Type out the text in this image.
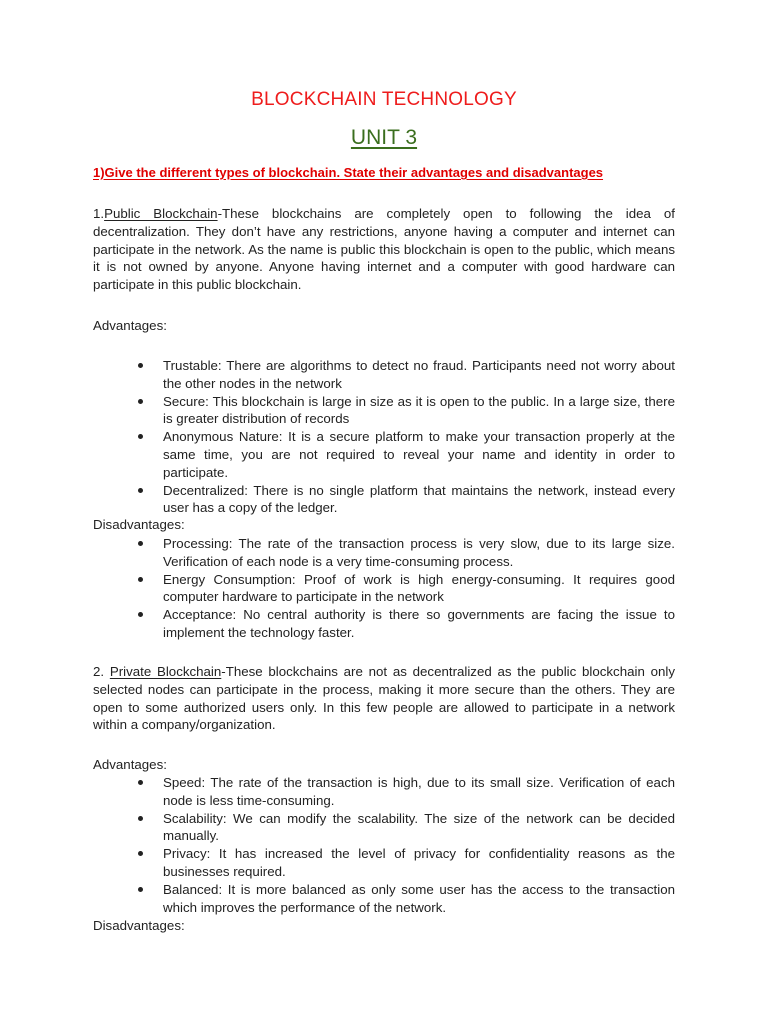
BLOCKCHAIN TECHNOLOGY
UNIT 3
1)Give the different types of blockchain. State their advantages and disadvantages

1.Public Blockchain-These blockchains are completely open to following the idea of decentralization. They don’t have any restrictions, anyone having a computer and internet can participate in the network. As the name is public this blockchain is open to the public, which means it is not owned by anyone. Anyone having internet and a computer with good hardware can participate in this public blockchain.

Advantages:
Trustable: There are algorithms to detect no fraud. Participants need not worry about the other nodes in the network
Secure: This blockchain is large in size as it is open to the public. In a large size, there is greater distribution of records
Anonymous Nature: It is a secure platform to make your transaction properly at the same time, you are not required to reveal your name and identity in order to participate.
Decentralized: There is no single platform that maintains the network, instead every user has a copy of the ledger.
Disadvantages:
Processing: The rate of the transaction process is very slow, due to its large size. Verification of each node is a very time-consuming process.
Energy Consumption: Proof of work is high energy-consuming. It requires good computer hardware to participate in the network
Acceptance: No central authority is there so governments are facing the issue to implement the technology faster.

2. Private Blockchain-These blockchains are not as decentralized as the public blockchain only selected nodes can participate in the process, making it more secure than the others. They are open to some authorized users only. In this few people are allowed to participate in a network within a company/organization.

Advantages:
Speed: The rate of the transaction is high, due to its small size. Verification of each node is less time-consuming.
Scalability: We can modify the scalability. The size of the network can be decided manually.
Privacy: It has increased the level of privacy for confidentiality reasons as the businesses required.
Balanced: It is more balanced as only some user has the access to the transaction which improves the performance of the network.
Disadvantages:
